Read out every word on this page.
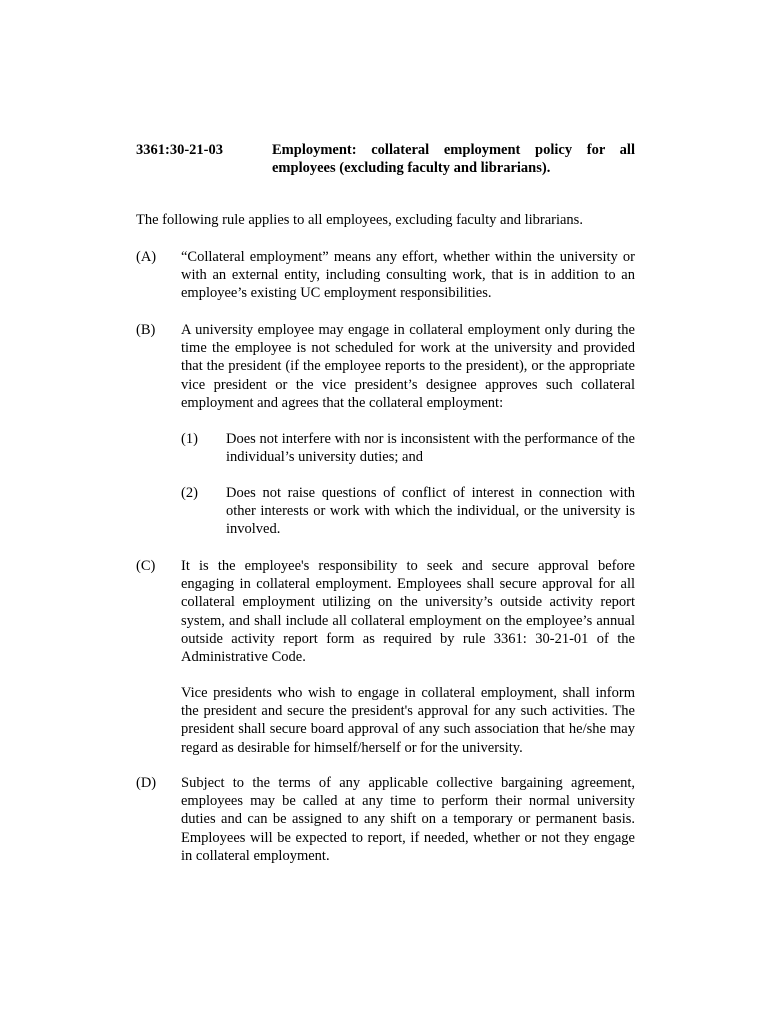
3361:30-21-03	Employment: collateral employment policy for all employees (excluding faculty and librarians).
The following rule applies to all employees, excluding faculty and librarians.
(A) “Collateral employment” means any effort, whether within the university or with an external entity, including consulting work, that is in addition to an employee’s existing UC employment responsibilities.
(B) A university employee may engage in collateral employment only during the time the employee is not scheduled for work at the university and provided that the president (if the employee reports to the president), or the appropriate vice president or the vice president’s designee approves such collateral employment and agrees that the collateral employment:
(1) Does not interfere with nor is inconsistent with the performance of the individual’s university duties; and
(2) Does not raise questions of conflict of interest in connection with other interests or work with which the individual, or the university is involved.
(C) It is the employee's responsibility to seek and secure approval before engaging in collateral employment. Employees shall secure approval for all collateral employment utilizing on the university’s outside activity report system, and shall include all collateral employment on the employee’s annual outside activity report form as required by rule 3361: 30-21-01 of the Administrative Code.
Vice presidents who wish to engage in collateral employment, shall inform the president and secure the president's approval for any such activities. The president shall secure board approval of any such association that he/she may regard as desirable for himself/herself or for the university.
(D) Subject to the terms of any applicable collective bargaining agreement, employees may be called at any time to perform their normal university duties and can be assigned to any shift on a temporary or permanent basis. Employees will be expected to report, if needed, whether or not they engage in collateral employment.
